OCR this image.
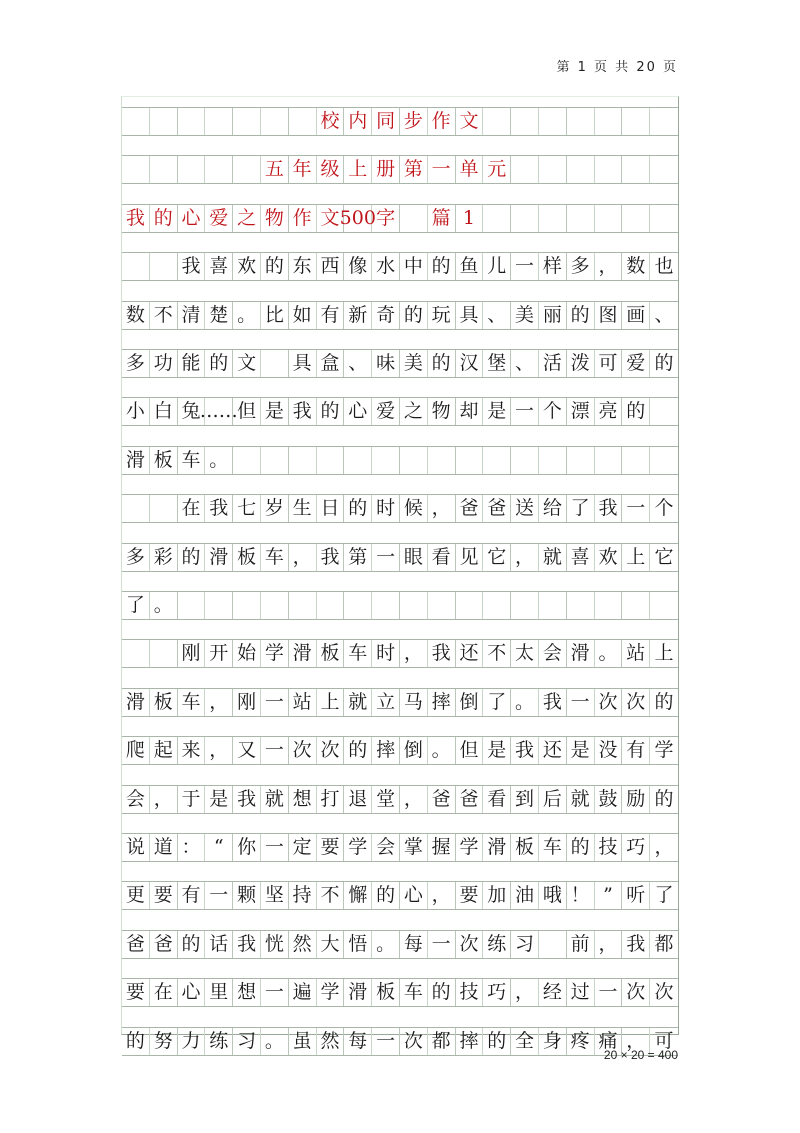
第 1 页 共 20 页
校 内 同 步 作 文
五 年 级 上 册 第 一 单 元
我 的 心 爱 之 物 作 文 500 字 篇 1
我 喜 欢 的 东 西 像 水 中 的 鱼 儿 一 样 多 ， 数 也
数 不 清 楚 。 比 如 有 新 奇 的 玩 具 、 美 丽 的 图 画 、
多 功 能 的 文 具 盒 、 味 美 的 汉 堡 、 活 泼 可 爱 的
小 白 兔 …… 但 是 我 的 心 爱 之 物 却 是 一 个 漂 亮 的
滑 板 车 。
在 我 七 岁 生 日 的 时 候 ， 爸 爸 送 给 了 我 一 个
多 彩 的 滑 板 车 ， 我 第 一 眼 看 见 它 ， 就 喜 欢 上 它
了 。
刚 开 始 学 滑 板 车 时 ， 我 还 不 太 会 滑 。 站 上
滑 板 车 ， 刚 一 站 上 就 立 马 摔 倒 了 。 我 一 次 次 的
爬 起 来 ， 又 一 次 次 的 摔 倒 。 但 是 我 还 是 没 有 学
会 ， 于 是 我 就 想 打 退 堂 ， 爸 爸 看 到 后 就 鼓 励 的
说 道 ： “ 你 一 定 要 学 会 掌 握 学 滑 板 车 的 技 巧 ，
更 要 有 一 颗 坚 持 不 懈 的 心 ， 要 加 油 哦 ！ ” 听 了
爸 爸 的 话 我 恍 然 大 悟 。 每 一 次 练 习 前 ， 我 都
要 在 心 里 想 一 遍 学 滑 板 车 的 技 巧 ， 经 过 一 次 次
的 努 力 练 习 。 虽 然 每 一 次 都 摔 的 全 身 疼 痛 ， 可
20 × 20 = 400
